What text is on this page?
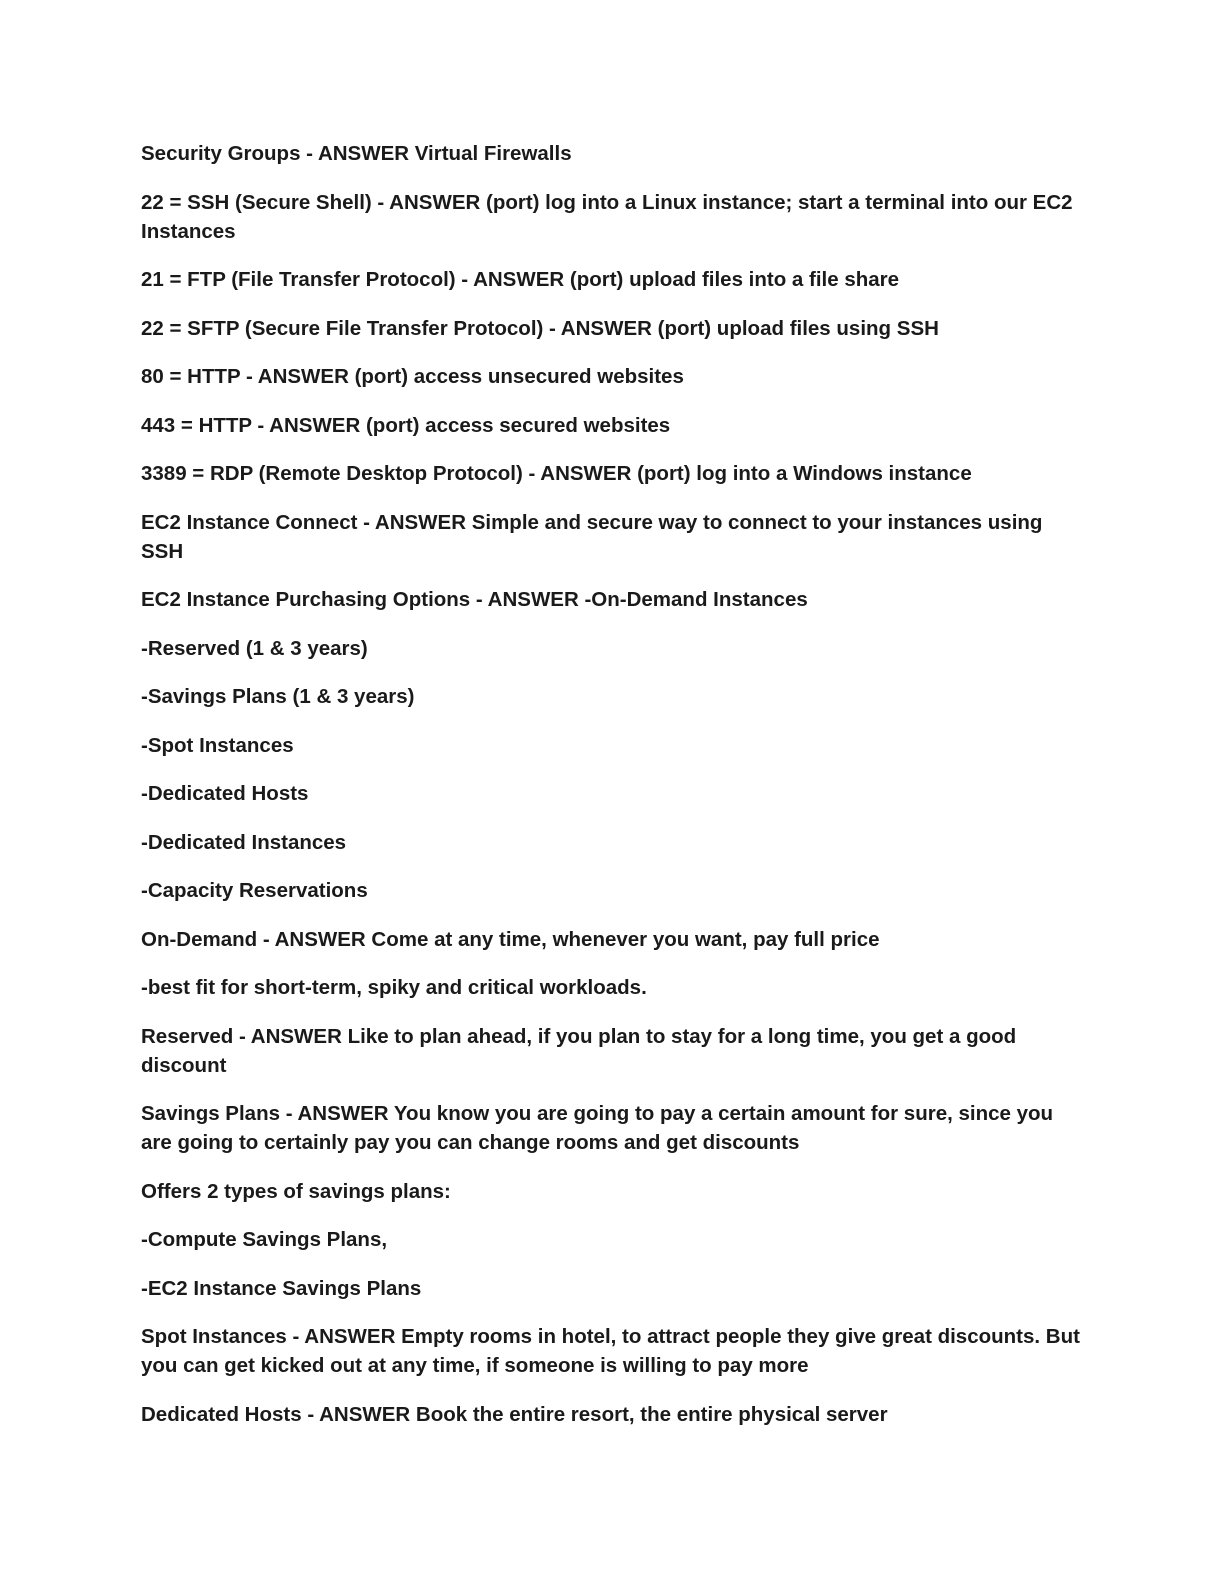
Security Groups - ANSWER Virtual Firewalls

22 = SSH (Secure Shell) - ANSWER (port) log into a Linux instance; start a terminal into our EC2 Instances

21 = FTP (File Transfer Protocol) - ANSWER (port) upload files into a file share

22 = SFTP (Secure File Transfer Protocol) - ANSWER (port) upload files using SSH

80 = HTTP - ANSWER (port) access unsecured websites

443 = HTTP - ANSWER (port) access secured websites

3389 = RDP (Remote Desktop Protocol) - ANSWER (port) log into a Windows instance

EC2 Instance Connect - ANSWER Simple and secure way to connect to your instances using SSH

EC2 Instance Purchasing Options - ANSWER -On-Demand Instances

-Reserved (1 & 3 years)

-Savings Plans (1 & 3 years)

-Spot Instances

-Dedicated Hosts

-Dedicated Instances

-Capacity Reservations

On-Demand - ANSWER Come at any time, whenever you want, pay full price

-best fit for short-term, spiky and critical workloads.

Reserved - ANSWER Like to plan ahead, if you plan to stay for a long time, you get a good discount

Savings Plans - ANSWER You know you are going to pay a certain amount for sure, since you are going to certainly pay you can change rooms and get discounts

Offers 2 types of savings plans:

-Compute Savings Plans,

-EC2 Instance Savings Plans

Spot Instances - ANSWER Empty rooms in hotel, to attract people they give great discounts. But you can get kicked out at any time, if someone is willing to pay more

Dedicated Hosts - ANSWER Book the entire resort, the entire physical server
